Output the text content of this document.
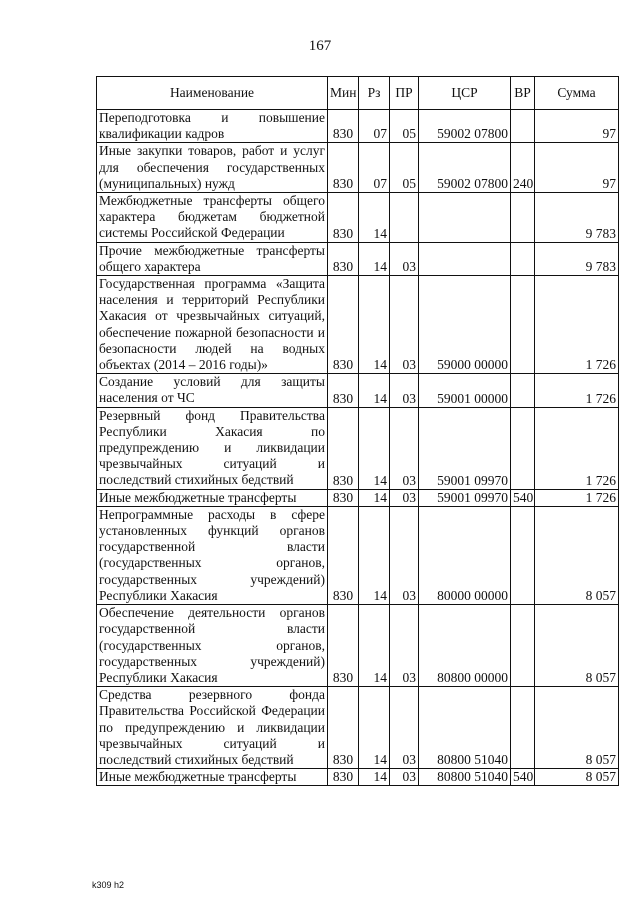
167
Наименование	Мин	Рз	ПР	ЦСР	ВР	Сумма
Переподготовка и повышение квалификации кадров	830	07	05	59002 07800		97
Иные закупки товаров, работ и услуг для обеспечения государственных (муниципальных) нужд	830	07	05	59002 07800	240	97
Межбюджетные трансферты общего характера бюджетам бюджетной системы Российской Федерации	830	14				9 783
Прочие межбюджетные трансферты общего характера	830	14	03			9 783
Государственная программа «Защита населения и территорий Республики Хакасия от чрезвычайных ситуаций, обеспечение пожарной безопасности и безопасности людей на водных объектах (2014 – 2016 годы)»	830	14	03	59000 00000		1 726
Создание условий для защиты населения от ЧС	830	14	03	59001 00000		1 726
Резервный фонд Правительства Республики Хакасия по предупреждению и ликвидации чрезвычайных ситуаций и последствий стихийных бедствий	830	14	03	59001 09970		1 726
Иные межбюджетные трансферты	830	14	03	59001 09970	540	1 726
Непрограммные расходы в сфере установленных функций органов государственной власти (государственных органов, государственных учреждений) Республики Хакасия	830	14	03	80000 00000		8 057
Обеспечение деятельности органов государственной власти (государственных органов, государственных учреждений) Республики Хакасия	830	14	03	80800 00000		8 057
Средства резервного фонда Правительства Российской Федерации по предупреждению и ликвидации чрезвычайных ситуаций и последствий стихийных бедствий	830	14	03	80800 51040		8 057
Иные межбюджетные трансферты	830	14	03	80800 51040	540	8 057
k309 h2
